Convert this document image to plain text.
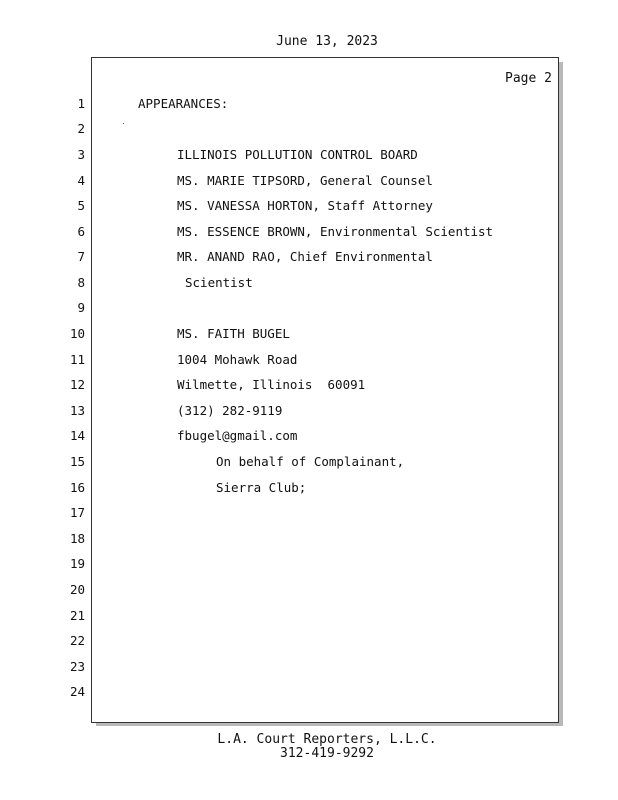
June 13, 2023
Page 2
1
2
3
4
5
6
7
8
9
10
11
12
13
14
15
16
17
18
19
20
21
22
23
24
APPEARANCES:
ILLINOIS POLLUTION CONTROL BOARD
MS. MARIE TIPSORD, General Counsel
MS. VANESSA HORTON, Staff Attorney
MS. ESSENCE BROWN, Environmental Scientist
MR. ANAND RAO, Chief Environmental
Scientist
MS. FAITH BUGEL
1004 Mohawk Road
Wilmette, Illinois  60091
(312) 282-9119
fbugel@gmail.com
On behalf of Complainant,
Sierra Club;
L.A. Court Reporters, L.L.C.
312-419-9292
